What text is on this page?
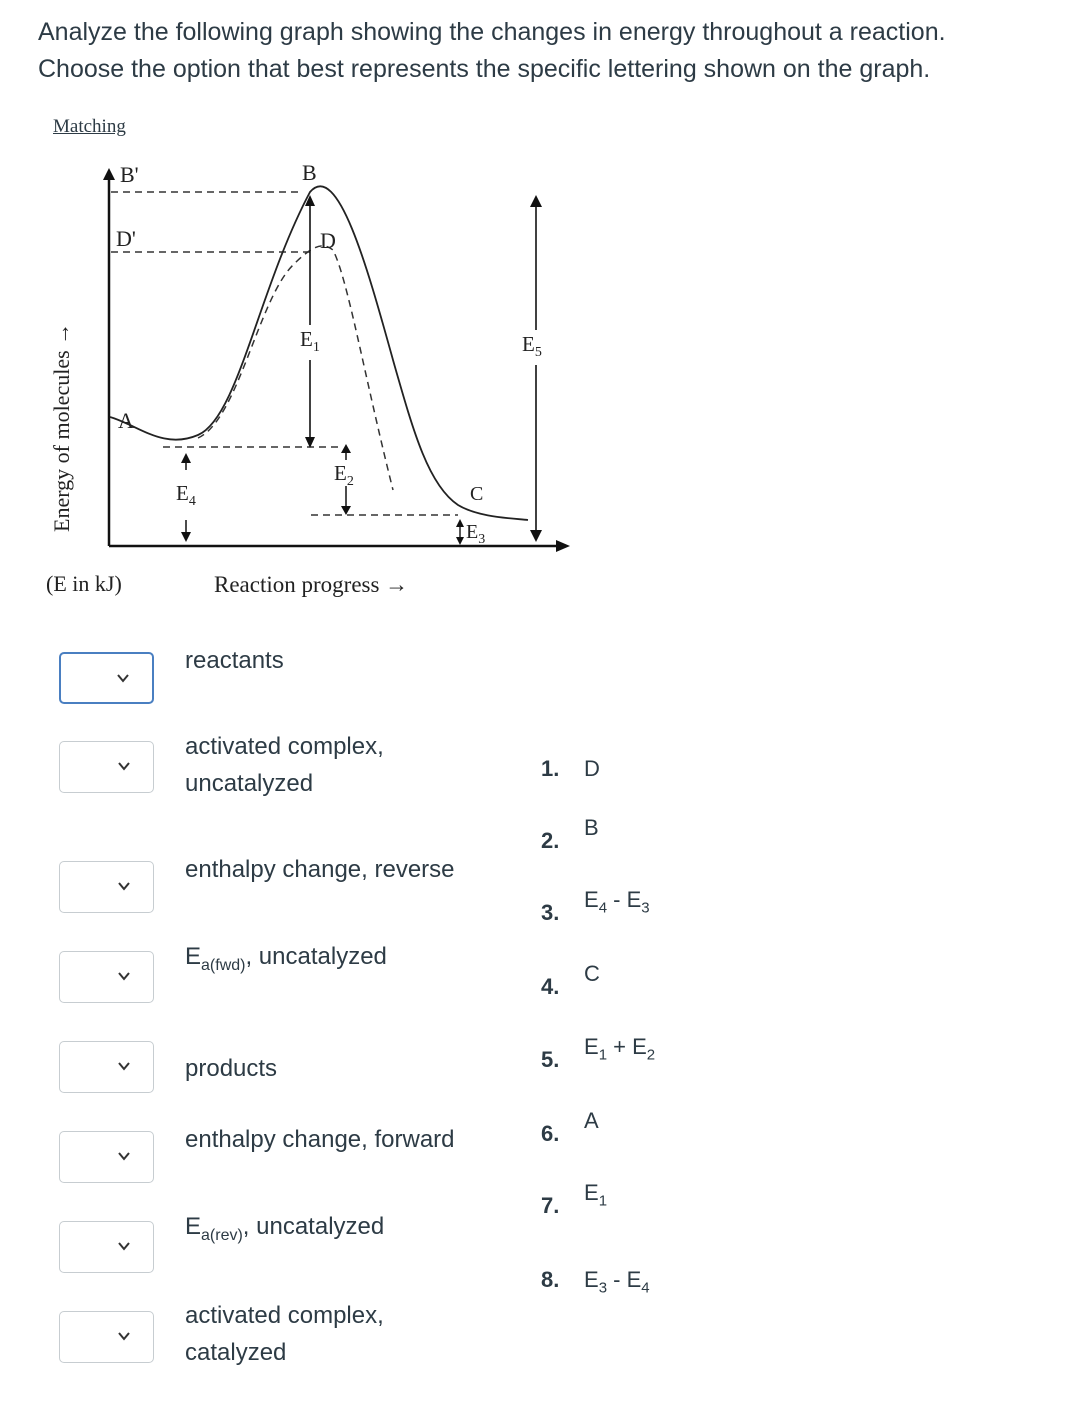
Analyze the following graph showing the changes in energy throughout a reaction.
Choose the option that best represents the specific lettering shown on the graph.
Matching
B'	B
D'	D
A
C
$E_1$
$E_2$
$E_3$
$E_4$
$E_5$
Energy of molecules →
(E in kJ)	Reaction progress →
reactants
activated complex,
uncatalyzed
enthalpy change, reverse
$E_{a(fwd)}$, uncatalyzed
products
enthalpy change, forward
$E_{a(rev)}$, uncatalyzed
activated complex,
catalyzed
1. D
2.
B
3.
$E_4 - E_3$
4.
C
5.
$E_1 + E_2$
6.
A
7.
$E_1$
8. $E_3 - E_4$
